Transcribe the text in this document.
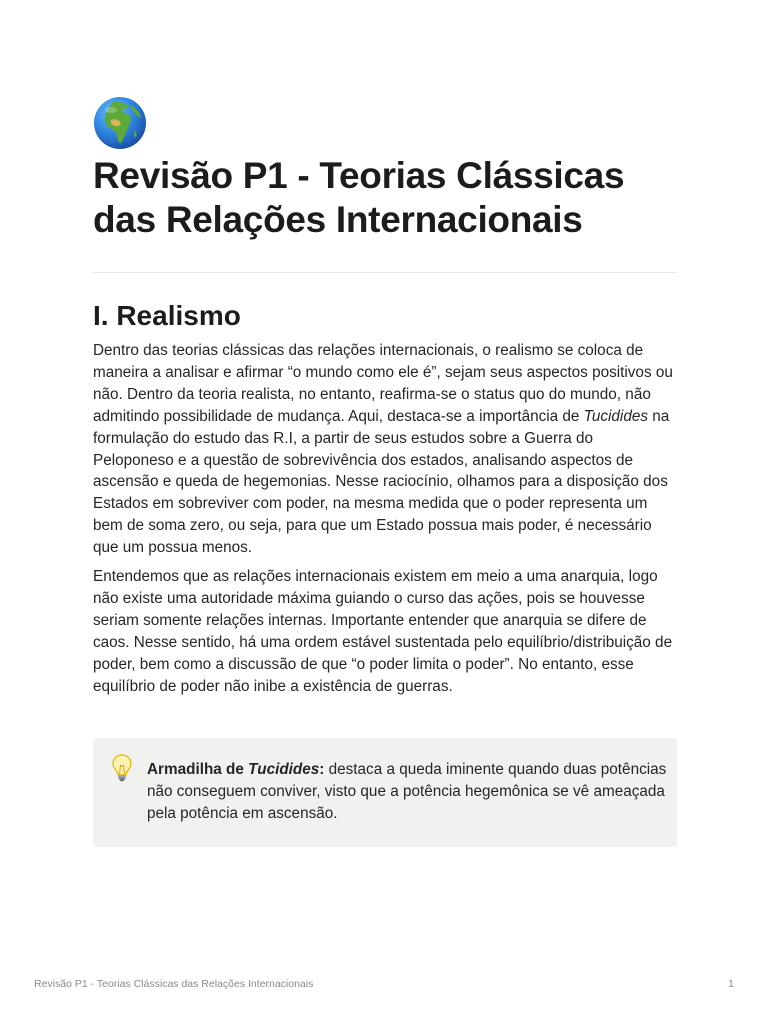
Revisão P1 - Teorias Clássicas
das Relações Internacionais
I. Realismo

Dentro das teorias clássicas das relações internacionais, o realismo se coloca de maneira a analisar e afirmar “o mundo como ele é”, sejam seus aspectos positivos ou não. Dentro da teoria realista, no entanto, reafirma-se o status quo do mundo, não admitindo possibilidade de mudança. Aqui, destaca-se a importância de Tucidides na formulação do estudo das R.I, a partir de seus estudos sobre a Guerra do Peloponeso e a questão de sobrevivência dos estados, analisando aspectos de ascensão e queda de hegemonias. Nesse raciocínio, olhamos para a disposição dos Estados em sobreviver com poder, na mesma medida que o poder representa um bem de soma zero, ou seja, para que um Estado possua mais poder, é necessário que um possua menos.

Entendemos que as relações internacionais existem em meio a uma anarquia, logo não existe uma autoridade máxima guiando o curso das ações, pois se houvesse seriam somente relações internas. Importante entender que anarquia se difere de caos. Nesse sentido, há uma ordem estável sustentada pelo equilíbrio/distribuição de poder, bem como a discussão de que “o poder limita o poder”. No entanto, esse equilíbrio de poder não inibe a existência de guerras.

Armadilha de Tucidides: destaca a queda iminente quando duas potências não conseguem conviver, visto que a potência hegemônica se vê ameaçada pela potência em ascensão.

Revisão P1 - Teorias Clássicas das Relações Internacionais	1
